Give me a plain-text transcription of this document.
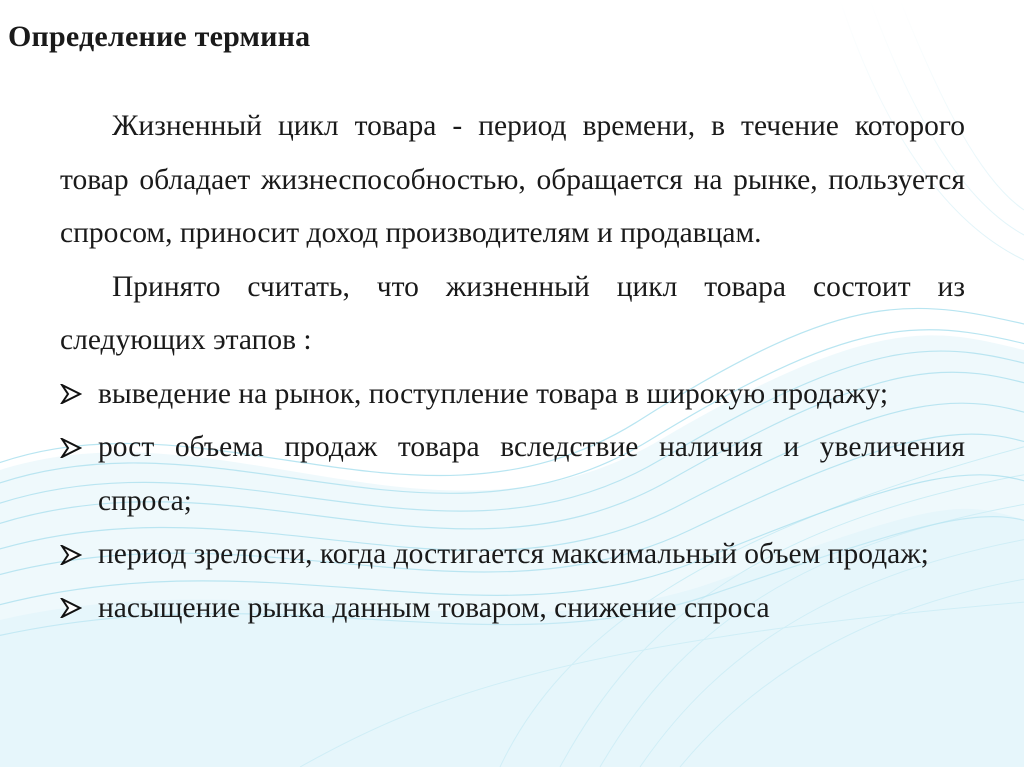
Определение термина

Жизненный цикл товара - период времени, в течение которого товар обладает жизнеспособностью, обращается на рынке, пользуется спросом, приносит доход производителям и продавцам.

Принято считать, что жизненный цикл товара состоит из следующих этапов :

выведение на рынок, поступление товара в широкую продажу;
рост объема продаж товара вследствие наличия и увеличения спроса;
период зрелости, когда достигается максимальный объем продаж;
насыщение рынка данным товаром, снижение спроса
